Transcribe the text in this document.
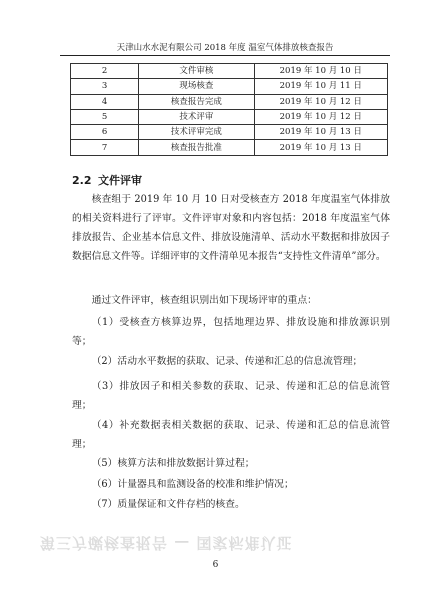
天津山水水泥有限公司 2018 年度 温室气体排放核查报告
2	文件审核	2019 年 10 月 10 日
3	现场核查	2019 年 10 月 11 日
4	核查报告完成	2019 年 10 月 12 日
5	技术评审	2019 年 10 月 12 日
6	技术评审完成	2019 年 10 月 13 日
7	核查报告批准	2019 年 10 月 13 日
2.2 文件评审
核查组于 2019 年 10 月 10 日对受核查方 2018 年度温室气体排放的相关资料进行了评审。文件评审对象和内容包括：2018 年度温室气体排放报告、企业基本信息文件、排放设施清单、活动水平数据和排放因子数据信息文件等。详细评审的文件清单见本报告“支持性文件清单”部分。
通过文件评审，核查组识别出如下现场评审的重点：
（1）受核查方核算边界，包括地理边界、排放设施和排放源识别等；
（2）活动水平数据的获取、记录、传递和汇总的信息流管理；
（3）排放因子和相关参数的获取、记录、传递和汇总的信息流管理；
（4）补充数据表相关数据的获取、记录、传递和汇总的信息流管理；
（5）核算方法和排放数据计算过程；
（6）计量器具和监测设备的校准和维护情况；
（7）质量保证和文件存档的核查。
第三方碳核查报告 — 国家标准认证
6
